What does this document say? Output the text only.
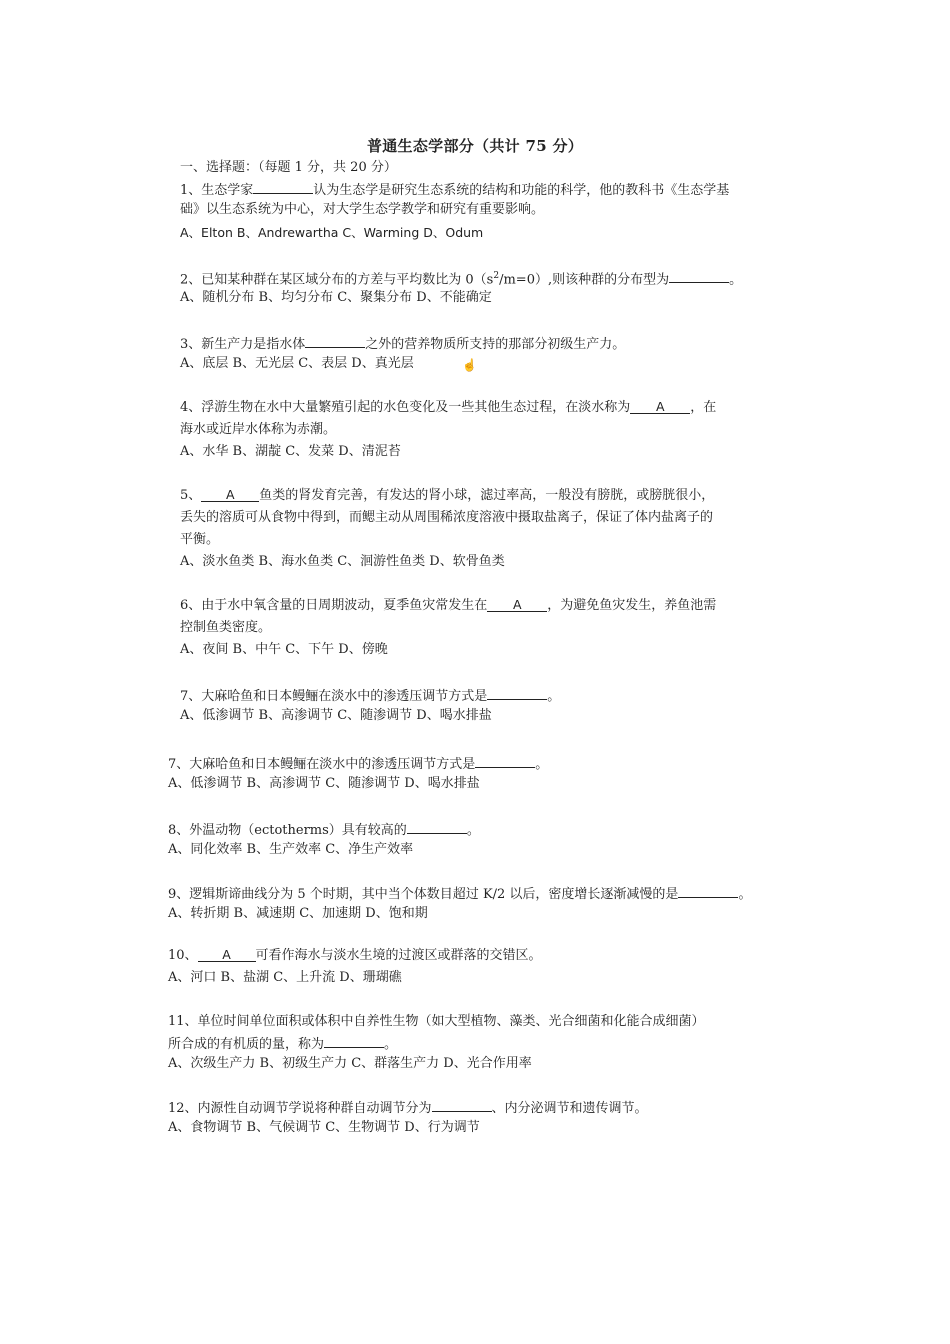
普通生态学部分（共计 75 分）
一、选择题：（每题 1 分，共 20 分）
1、生态学家	认为生态学是研究生态系统的结构和功能的科学，他的教科书《生态学基
础》以生态系统为中心，对大学生态学教学和研究有重要影响。
A、Elton B、Andrewartha C、Warming D、Odum
2、已知某种群在某区域分布的方差与平均数比为 $0(s^2/m=0)$,则该种群的分布型为	。
A、随机分布 B、均匀分布 C、聚集分布 D、不能确定
3、新生产力是指水体	之外的营养物质所支持的那部分初级生产力。
A、底层 B、无光层 C、表层 D、真光层	☝
4、浮游生物在水中大量繁殖引起的水色变化及一些其他生态过程，在淡水称为 A ，在
海水或近岸水体称为赤潮。
A、水华 B、湖靛 C、发菜 D、清泥苔
5、 A 鱼类的肾发育完善，有发达的肾小球，滤过率高，一般没有膀胱，或膀胱很小，
丢失的溶质可从食物中得到，而鳃主动从周围稀浓度溶液中摄取盐离子，保证了体内盐离子的
平衡。
A、淡水鱼类 B、海水鱼类 C、洄游性鱼类 D、软骨鱼类
6、由于水中氧含量的日周期波动，夏季鱼灾常发生在 A ，为避免鱼灾发生，养鱼池需
控制鱼类密度。
A、夜间 B、中午 C、下午 D、傍晚
7、大麻哈鱼和日本鳗鲡在淡水中的渗透压调节方式是	。
A、低渗调节 B、高渗调节 C、随渗调节 D、喝水排盐
7、大麻哈鱼和日本鳗鲡在淡水中的渗透压调节方式是	。
A、低渗调节 B、高渗调节 C、随渗调节 D、喝水排盐
8、外温动物（ectotherms）具有较高的	。
A、同化效率 B、生产效率 C、净生产效率
9、逻辑斯谛曲线分为 5 个时期，其中当个体数目超过 K/2 以后，密度增长逐渐减慢的是	。
A、转折期 B、减速期 C、加速期 D、饱和期
10、 A 可看作海水与淡水生境的过渡区或群落的交错区。
A、河口 B、盐湖 C、上升流 D、珊瑚礁
11、单位时间单位面积或体积中自养性生物（如大型植物、藻类、光合细菌和化能合成细菌）
所合成的有机质的量，称为	。
A、次级生产力 B、初级生产力 C、群落生产力 D、光合作用率
12、内源性自动调节学说将种群自动调节分为	、内分泌调节和遗传调节。
A、食物调节 B、气候调节 C、生物调节 D、行为调节
